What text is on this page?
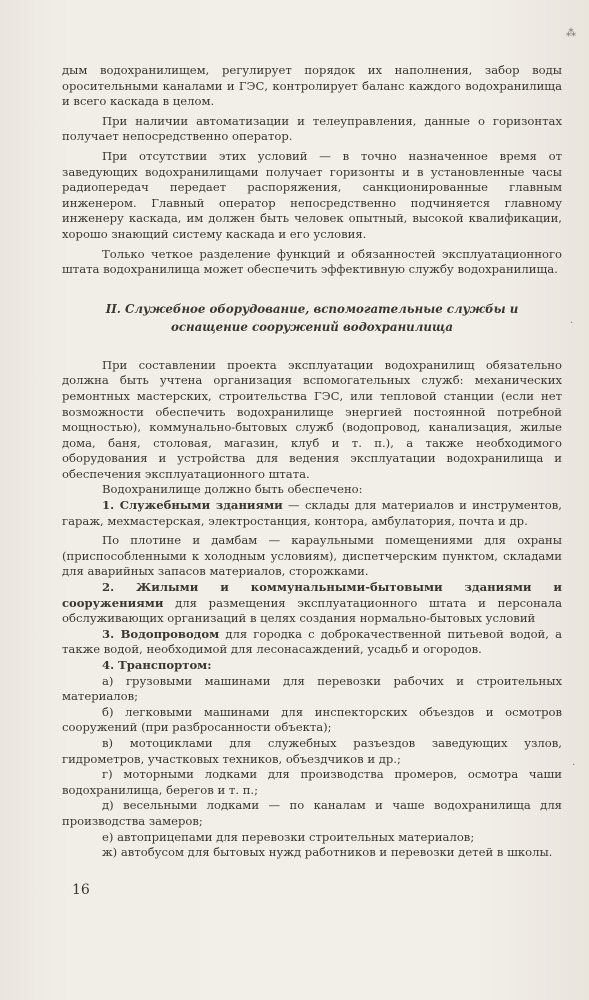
дым водохранилищем, регулирует порядок их наполнения, забор воды оросительными каналами и ГЭС, контролирует баланс каждого водохранилища и всего каскада в целом.

При наличии автоматизации и телеуправления, данные о горизонтах получает непосредственно оператор.

При отсутствии этих условий — в точно назначенное время от заведующих водохранилищами получает горизонты и в установленные часы радиопередач передает распоряжения, санкционированные главным инженером. Главный оператор непосредственно подчиняется главному инженеру каскада, им должен быть человек опытный, высокой квалификации, хорошо знающий систему каскада и его условия.

Только четкое разделение функций и обязанностей эксплуатационного штата водохранилища может обеспечить эффективную службу водохранилища.

II. Служебное оборудование, вспомогательные службы и оснащение сооружений водохранилища

При составлении проекта эксплуатации водохранилищ обязательно должна быть учтена организация вспомогательных служб: механических ремонтных мастерских, строительства ГЭС, или тепловой станции (если нет возможности обеспечить водохранилище энергией постоянной потребной мощностью), коммунально-бытовых служб (водопровод, канализация, жилые дома, баня, столовая, магазин, клуб и т. п.), а также необходимого оборудования и устройства для ведения эксплуатации водохранилища и обеспечения эксплуатационного штата.

Водохранилище должно быть обеспечено:

1. Служебными зданиями — склады для материалов и инструментов, гараж, мехмастерская, электростанция, контора, амбулатория, почта и др.

По плотине и дамбам — караульными помещениями для охраны (приспособленными к холодным условиям), диспетчерским пунктом, складами для аварийных запасов материалов, сторожками.

2. Жилыми и коммунальными-бытовыми зданиями и сооружениями для размещения эксплуатационного штата и персонала обслуживающих организаций в целях создания нормально-бытовых условий

3. Водопроводом для городка с доброкачественной питьевой водой, а также водой, необходимой для лесонасаждений, усадьб и огородов.

4. Транспортом:

а) грузовыми машинами для перевозки рабочих и строительных материалов;

б) легковыми машинами для инспекторских объездов и осмотров сооружений (при разбросанности объекта);

в) мотоциклами для служебных разъездов заведующих узлов, гидрометров, участковых техников, объездчиков и др.;

г) моторными лодками для производства промеров, осмотра чаши водохранилища, берегов и т. п.;

д) весельными лодками — по каналам и чаше водохранилища для производства замеров;

е) автоприцепами для перевозки строительных материалов;

ж) автобусом для бытовых нужд работников и перевозки детей в школы.

16
⁂
·
·
